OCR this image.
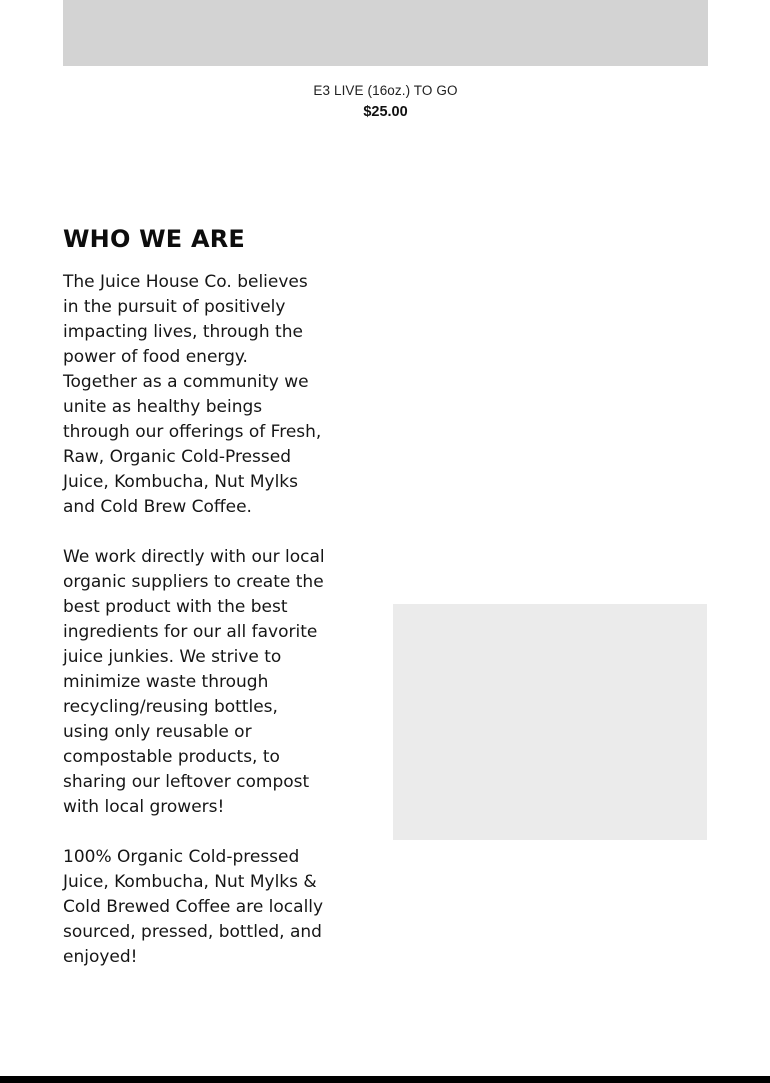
E3 LIVE (16oz.) TO GO
$25.00
WHO WE ARE

The Juice House Co. believes in the pursuit of positively impacting lives, through the power of food energy. Together as a community we unite as healthy beings through our offerings of Fresh, Raw, Organic Cold-Pressed Juice, Kombucha, Nut Mylks and Cold Brew Coffee.

We work directly with our local organic suppliers to create the best product with the best ingredients for our all favorite juice junkies. We strive to minimize waste through recycling/reusing bottles, using only reusable or compostable products, to sharing our leftover compost with local growers!

100% Organic Cold-pressed Juice, Kombucha, Nut Mylks & Cold Brewed Coffee are locally sourced, pressed, bottled, and enjoyed!
